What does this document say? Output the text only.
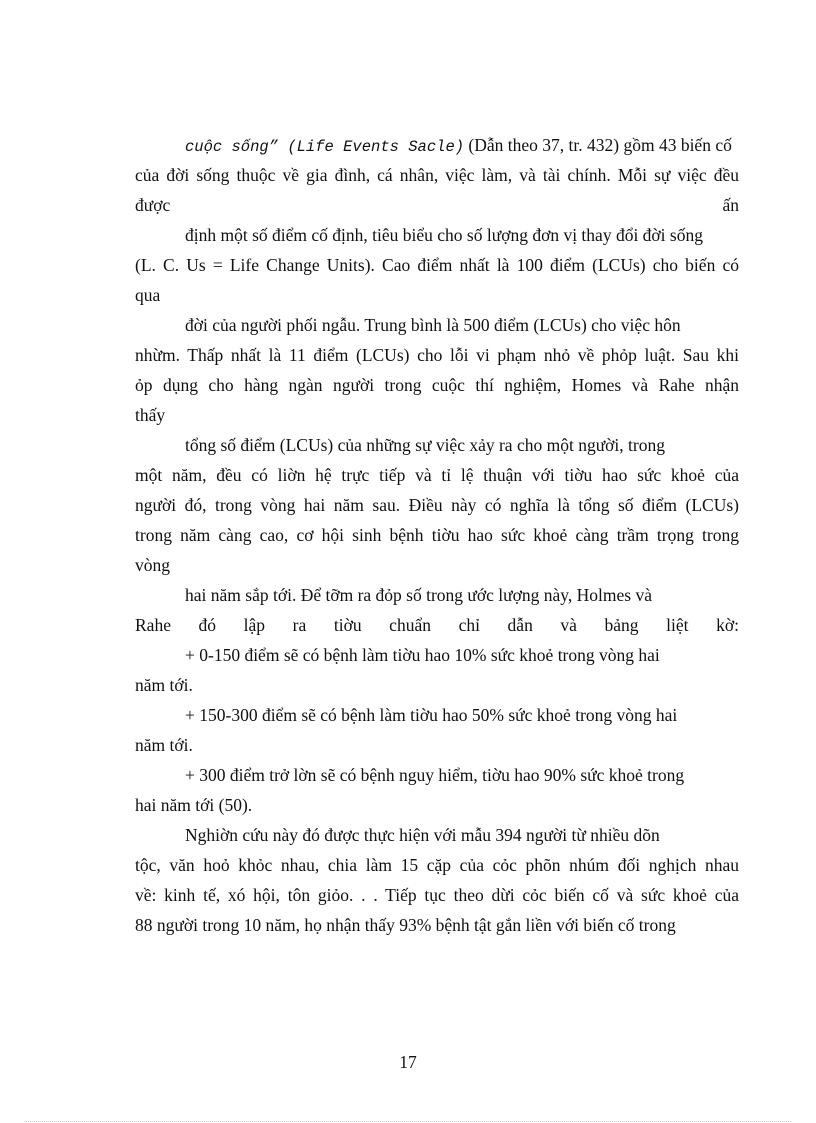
cuộc sống” (Life Events Sacle) (Dẫn theo 37, tr. 432) gồm 43 biến cố
của đời sống thuộc về gia đình, cá nhân, việc làm, và tài chính. Mỗi sự việc đều
được	ấn
định một số điểm cố định, tiêu biểu cho số lượng đơn vị thay đổi đời sống
(L. C. Us = Life Change Units). Cao điểm nhất là 100 điểm (LCUs) cho biến có
qua
đời của người phối ngẫu. Trung bình là 500 điểm (LCUs) cho việc hôn
nhừm. Thấp nhất là 11 điểm (LCUs) cho lỗi vi phạm nhỏ về phỏp luật. Sau khi
ỏp dụng cho hàng ngàn người trong cuộc thí nghiệm, Homes và Rahe nhận
thấy
tổng số điểm (LCUs) của những sự việc xảy ra cho một người, trong
một năm, đều có liờn hệ trực tiếp và tỉ lệ thuận với tiờu hao sức khoẻ của
người đó, trong vòng hai năm sau. Điều này có nghĩa là tổng số điểm (LCUs)
trong năm càng cao, cơ hội sinh bệnh tiờu hao sức khoẻ càng trầm trọng trong
vòng
hai năm sắp tới. Để tỡm ra đỏp số trong ước lượng này, Holmes và
Rahe đó lập ra tiờu chuẩn chỉ dẫn và bảng liệt kờ:
+ 0-150 điểm sẽ có bệnh làm tiờu hao 10% sức khoẻ trong vòng hai
năm tới.
+ 150-300 điểm sẽ có bệnh làm tiờu hao 50% sức khoẻ trong vòng hai
năm tới.
+ 300 điểm trở lờn sẽ có bệnh nguy hiểm, tiờu hao 90% sức khoẻ trong
hai năm tới (50).
Nghiờn cứu này đó được thực hiện với mẫu 394 người từ nhiều dõn
tộc, văn hoỏ khỏc nhau, chia làm 15 cặp của cỏc phõn nhúm đối nghịch nhau
về: kinh tế, xó hội, tôn giỏo. . . Tiếp tục theo dừi cỏc biến cố và sức khoẻ của
88 người trong 10 năm, họ nhận thấy 93% bệnh tật gắn liền với biến cố trong
17
